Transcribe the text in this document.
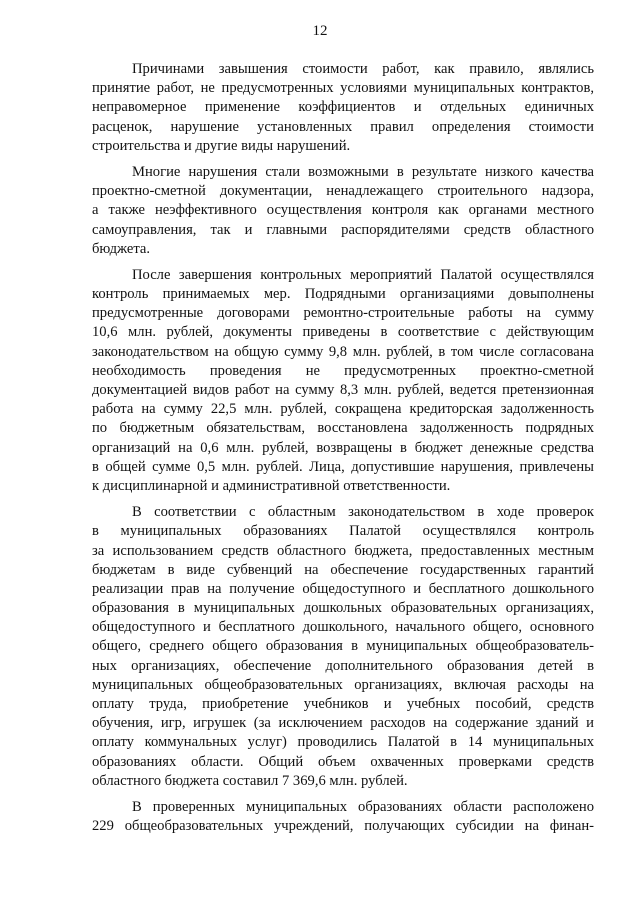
12
Причинами завышения стоимости работ, как правило, являлись
принятие работ, не предусмотренных условиями муниципальных контрактов,
неправомерное применение коэффициентов и отдельных единичных
расценок, нарушение установленных правил определения стоимости
строительства и другие виды нарушений.
Многие нарушения стали возможными в результате низкого качества
проектно-сметной документации, ненадлежащего строительного надзора,
а также неэффективного осуществления контроля как органами местного
самоуправления, так и главными распорядителями средств областного
бюджета.
После завершения контрольных мероприятий Палатой осуществлялся
контроль принимаемых мер. Подрядными организациями довыполнены
предусмотренные договорами ремонтно-строительные работы на сумму
10,6 млн. рублей, документы приведены в соответствие с действующим
законодательством на общую сумму 9,8 млн. рублей, в том числе согласована
необходимость проведения не предусмотренных проектно-сметной
документацией видов работ на сумму 8,3 млн. рублей, ведется претензионная
работа на сумму 22,5 млн. рублей, сокращена кредиторская задолженность
по бюджетным обязательствам, восстановлена задолженность подрядных
организаций на 0,6 млн. рублей, возвращены в бюджет денежные средства
в общей сумме 0,5 млн. рублей. Лица, допустившие нарушения, привлечены
к дисциплинарной и административной ответственности.
В соответствии с областным законодательством в ходе проверок
в муниципальных образованиях Палатой осуществлялся контроль
за использованием средств областного бюджета, предоставленных местным
бюджетам в виде субвенций на обеспечение государственных гарантий
реализации прав на получение общедоступного и бесплатного дошкольного
образования в муниципальных дошкольных образовательных организациях,
общедоступного и бесплатного дошкольного, начального общего, основного
общего, среднего общего образования в муниципальных общеобразователь-
ных организациях, обеспечение дополнительного образования детей в
муниципальных общеобразовательных организациях, включая расходы на
оплату труда, приобретение учебников и учебных пособий, средств
обучения, игр, игрушек (за исключением расходов на содержание зданий и
оплату коммунальных услуг) проводились Палатой в 14 муниципальных
образованиях области. Общий объем охваченных проверками средств
областного бюджета составил 7 369,6 млн. рублей.
В проверенных муниципальных образованиях области расположено
229 общеобразовательных учреждений, получающих субсидии на финан-
